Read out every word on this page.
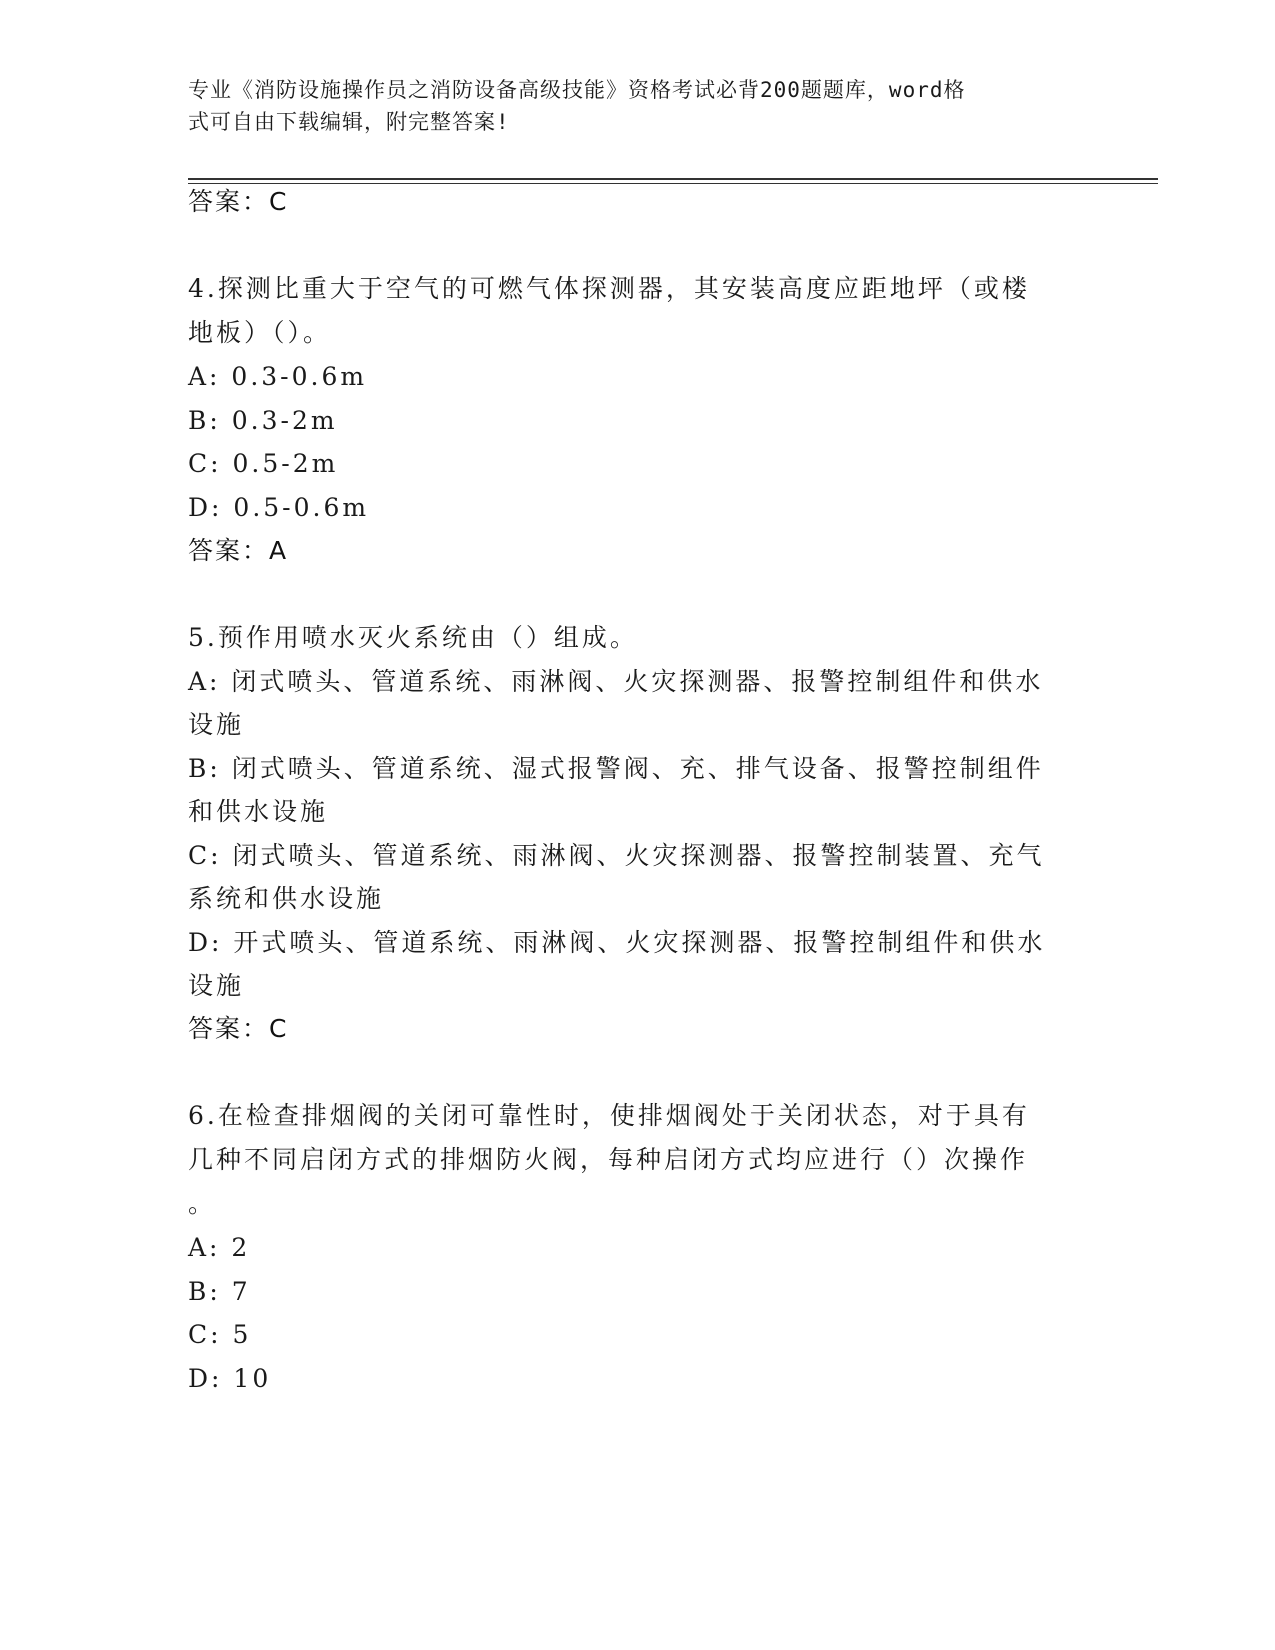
专业《消防设施操作员之消防设备高级技能》资格考试必背200题题库，word格
式可自由下载编辑，附完整答案!
答案：C
4.探测比重大于空气的可燃气体探测器，其安装高度应距地坪（或楼
地板）（）。
A: 0.3-0.6m
B: 0.3-2m
C: 0.5-2m
D: 0.5-0.6m
答案：A
5.预作用喷水灭火系统由（）组成。
A: 闭式喷头、管道系统、雨淋阀、火灾探测器、报警控制组件和供水
设施
B: 闭式喷头、管道系统、湿式报警阀、充、排气设备、报警控制组件
和供水设施
C: 闭式喷头、管道系统、雨淋阀、火灾探测器、报警控制装置、充气
系统和供水设施
D: 开式喷头、管道系统、雨淋阀、火灾探测器、报警控制组件和供水
设施
答案：C
6.在检查排烟阀的关闭可靠性时，使排烟阀处于关闭状态，对于具有
几种不同启闭方式的排烟防火阀，每种启闭方式均应进行（）次操作
。
A: 2
B: 7
C: 5
D: 10
